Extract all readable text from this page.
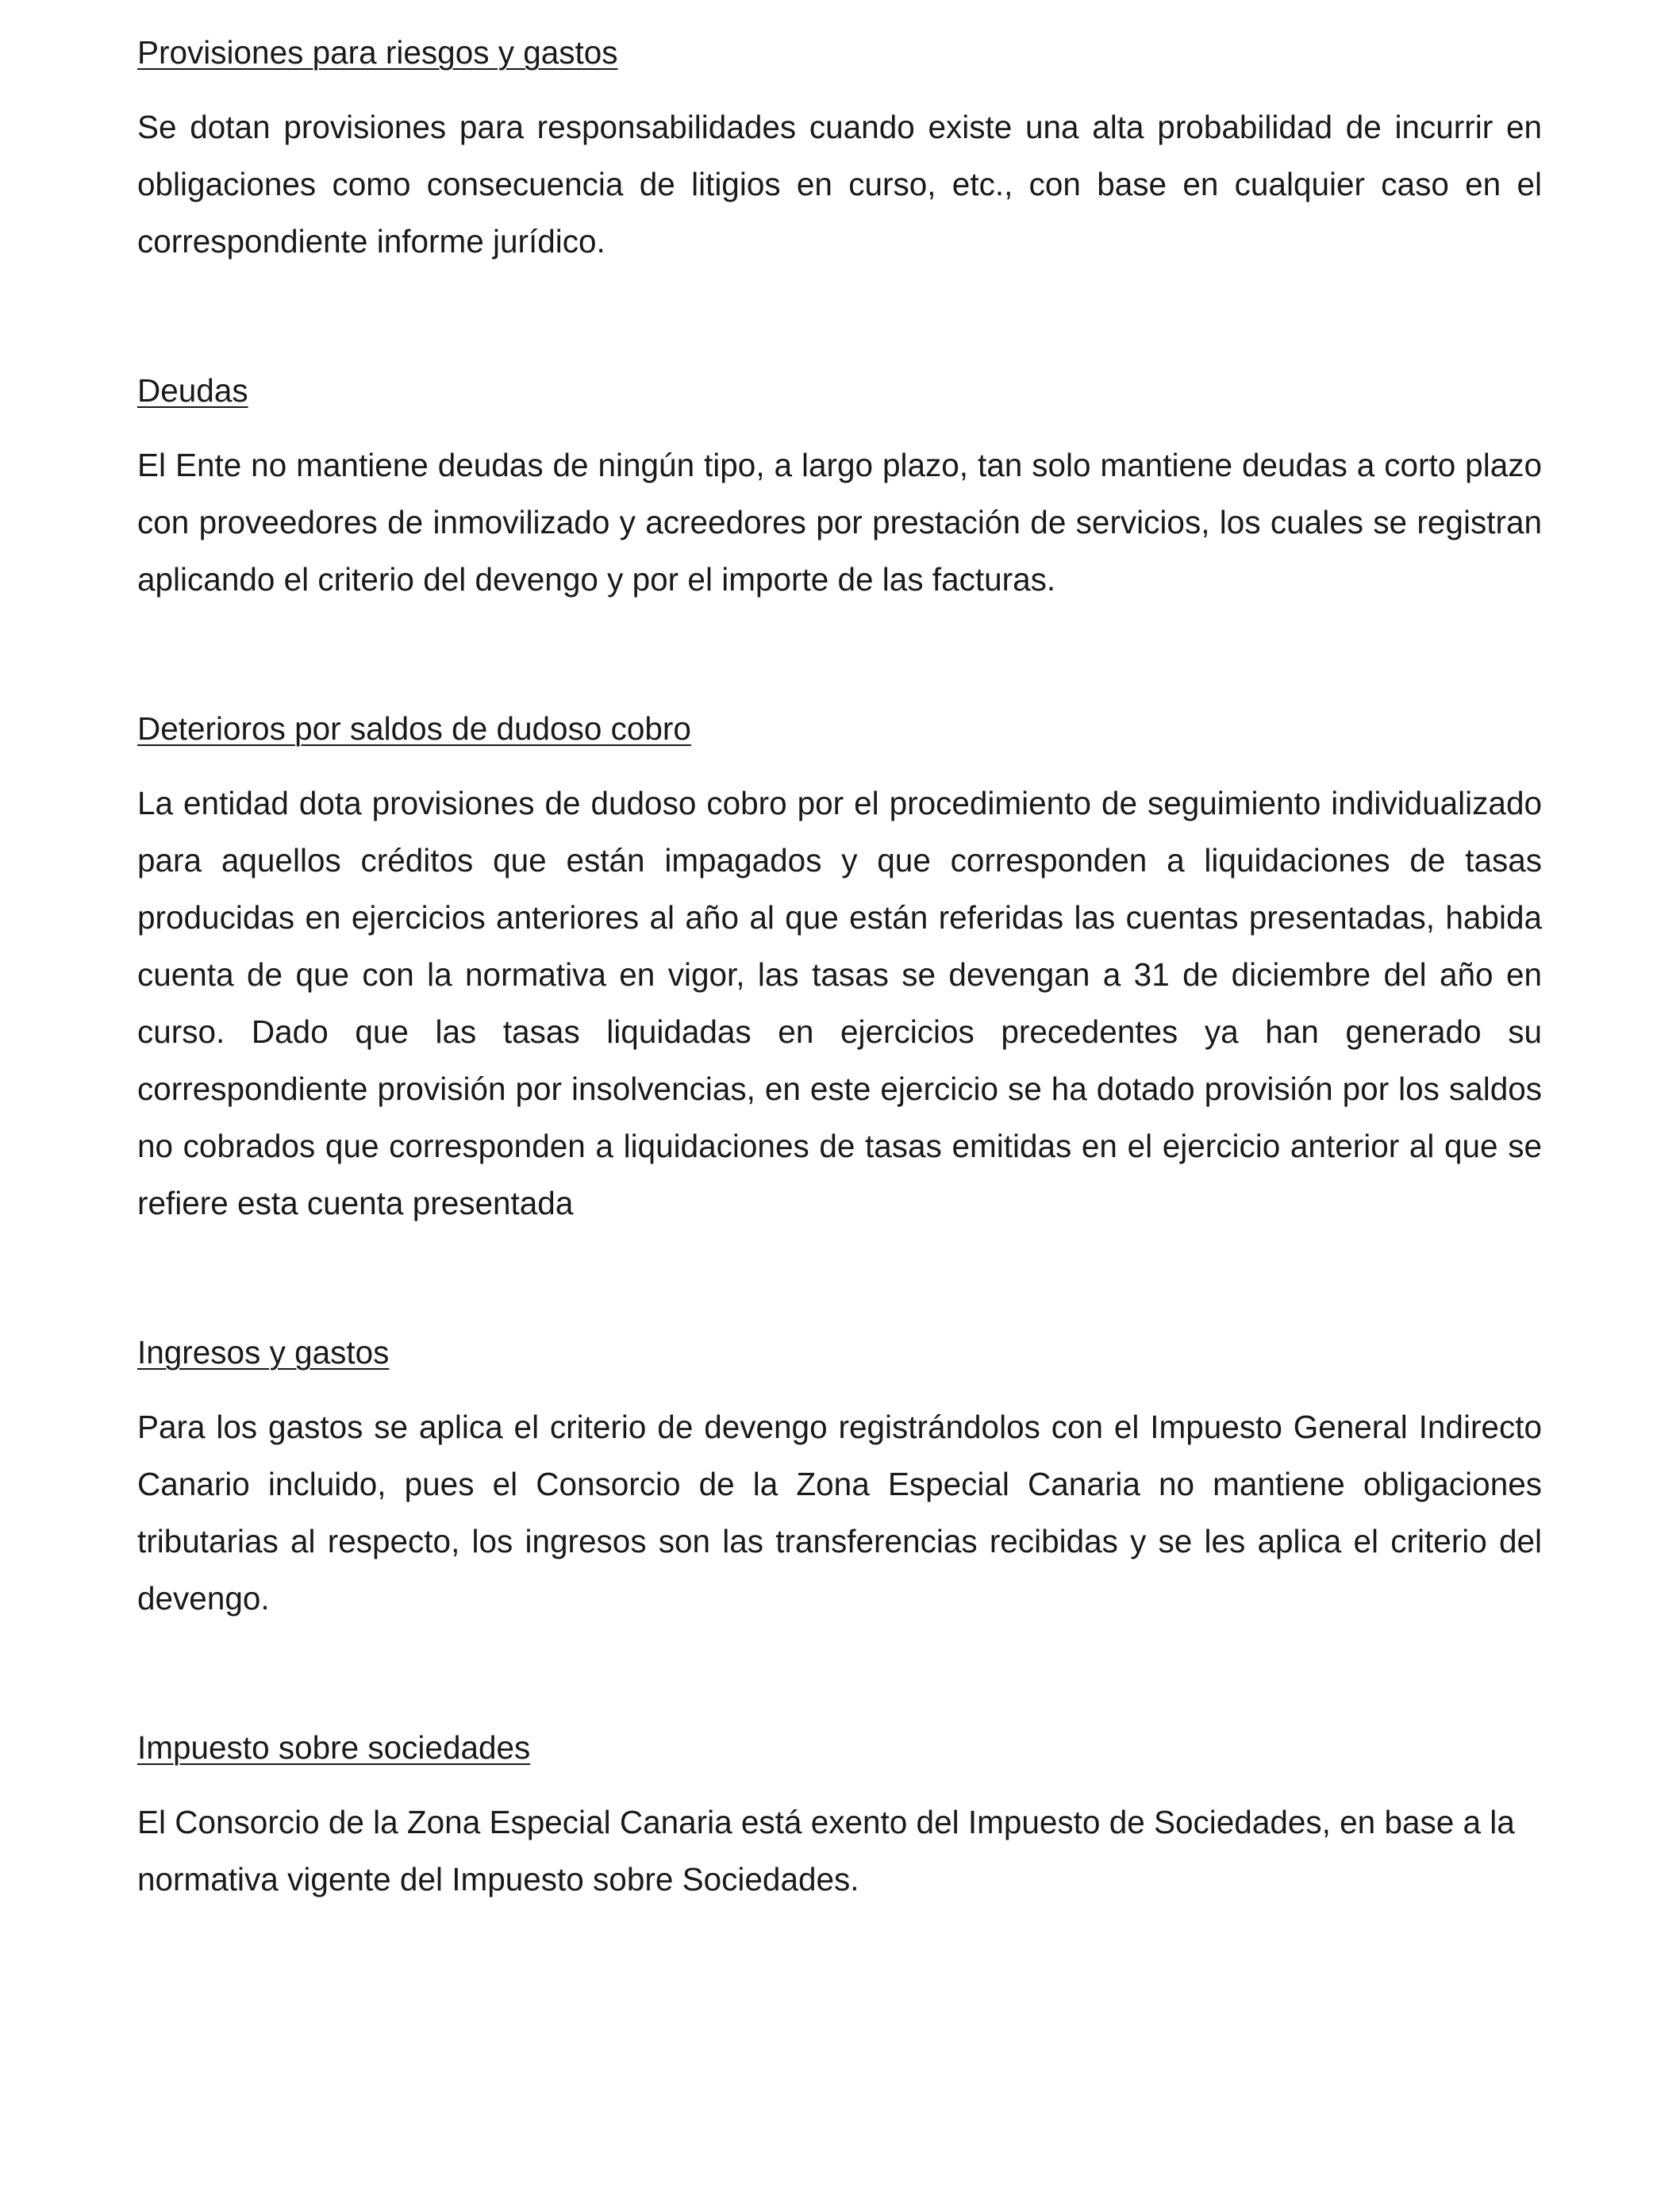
Provisiones para riesgos y gastos

Se dotan provisiones para responsabilidades cuando existe una alta probabilidad de incurrir en obligaciones como consecuencia de litigios en curso, etc., con base en cualquier caso en el correspondiente informe jurídico.

Deudas

El Ente no mantiene deudas de ningún tipo, a largo plazo, tan solo mantiene deudas a corto plazo con proveedores de inmovilizado y acreedores por prestación de servicios, los cuales se registran aplicando el criterio del devengo y por el importe de las facturas.

Deterioros por saldos de dudoso cobro

La entidad dota provisiones de dudoso cobro por el procedimiento de seguimiento individualizado para aquellos créditos que están impagados y que corresponden a liquidaciones de tasas producidas en ejercicios anteriores al año al que están referidas las cuentas presentadas, habida cuenta de que con la normativa en vigor, las tasas se devengan a 31 de diciembre del año en curso. Dado que las tasas liquidadas en ejercicios precedentes ya han generado su correspondiente provisión por insolvencias, en este ejercicio se ha dotado provisión por los saldos no cobrados que corresponden a liquidaciones de tasas emitidas en el ejercicio anterior al que se refiere esta cuenta presentada

Ingresos y gastos

Para los gastos se aplica el criterio de devengo registrándolos con el Impuesto General Indirecto Canario incluido, pues el Consorcio de la Zona Especial Canaria no mantiene obligaciones tributarias al respecto, los ingresos son las transferencias recibidas y se les aplica el criterio del devengo.

Impuesto sobre sociedades

El Consorcio de la Zona Especial Canaria está exento del Impuesto de Sociedades, en base a la normativa vigente del Impuesto sobre Sociedades.
